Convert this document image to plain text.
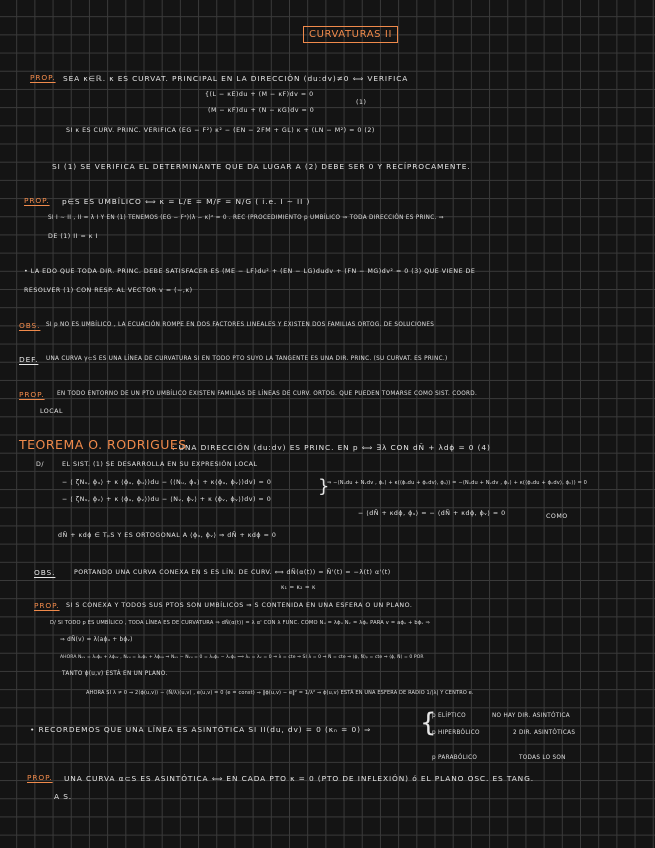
CURVATURAS II
PROP. SEA κ∈ℝ. κ ES CURVAT. PRINCIPAL EN LA DIRECCIÓN (du:dv)≠0 ⟺ VERIFICA
{(L − κE)du + (M − κF)dv = 0
(M − κF)du + (N − κG)dv = 0
(1)
SI κ ES CURV. PRINC. VERIFICA (EG − F²) κ² − (EN − 2FM + GL) κ + (LN − M²) = 0 (2)
SI (1) SE VERIFICA EL DETERMINANTE QUE DA LUGAR A (2) DEBE SER 0 Y RECÍPROCAMENTE.
PROP. p∈S ES UMBÍLICO ⟺ κ = L/E = M/F = N/G ( i.e. I ∼ II )
SI I ∼ II , II = λ I Y EN (1) TENEMOS (EG − F²)(λ − κ)² = 0 . REC (PROCEDIMIENTO p UMBÍLICO ⇒ TODA DIRECCIÓN ES PRINC. ⇒
DE (1) II = κ I
• LA EDO QUE TODA DIR. PRINC. DEBE SATISFACER ES (ME − LF)du² + (EN − LG)dudv + (FN − MG)dv² = 0 (3) QUE VIENE DE
RESOLVER (1) CON RESP. AL VECTOR v = (−,κ)
OBS. SI p NO ES UMBÍLICO , LA ECUACIÓN ROMPE EN DOS FACTORES LINEALES Y EXISTEN DOS FAMILIAS ORTOG. DE SOLUCIONES
DEF. UNA CURVA γ⊂S ES UNA LÍNEA DE CURVATURA SI EN TODO PTO SUYO LA TANGENTE ES UNA DIR. PRINC. (SU CURVAT. ES PRINC.)
PROP. EN TODO ENTORNO DE UN PTO UMBÍLICO EXISTEN FAMILIAS DE LÍNEAS DE CURV. ORTOG. QUE PUEDEN TOMARSE COMO SIST. COORD.
LOCAL
TEOREMA O. RODRIGUES
: UNA DIRECCIÓN (du:dv) ES PRINC. EN p ⟺ ∃λ CON dÑ + λdϕ = 0 (4)
D/	EL SIST. (1) SE DESARROLLA EN SU EXPRESIÓN LOCAL
− ⟨ ζNᵤ, ϕᵤ⟩ + κ ⟨ϕᵤ, ϕᵤ⟩)du − (⟨Nᵤ, ϕᵥ⟩ + κ⟨ϕᵤ, ϕᵥ⟩)dv) = 0
− ⟨ ζNᵤ, ϕᵥ⟩ + κ ⟨ϕᵤ, ϕᵥ⟩)du − ⟨Nᵥ, ϕᵥ⟩ + κ ⟨ϕᵥ, ϕᵥ⟩)dv) = 0
}
⇒ −⟨Nᵤdu + Nᵥdv , ϕᵤ⟩ + κ(⟨ϕᵤdu + ϕᵥdv⟩, ϕᵤ⟩) = −⟨Nᵤdu + Nᵥdv , ϕᵥ⟩ + κ(⟨ϕᵤdu + ϕᵥdv⟩, ϕᵥ⟩) = 0
− ⟨dÑ + κdϕ, ϕᵤ⟩ = − ⟨dÑ + κdϕ, ϕᵥ⟩ = 0	COMO
dÑ + κdϕ ∈ TₚS Y ES ORTOGONAL A ⟨ϕᵤ, ϕᵥ⟩ ⇒ dÑ + κdϕ = 0
OBS.	PORTANDO UNA CURVA CONEXA EN S ES LÍN. DE CURV. ⟺ dÑ(α(t)) = Ñ'(t) = −λ(t) α'(t)
κ₁ = κ₂ = κ
PROP. SI S CONEXA Y TODOS SUS PTOS SON UMBÍLICOS ⇒ S CONTENIDA EN UNA ESFERA O UN PLANO.
D/ SI TODO p ES UMBÍLICO , TODA LÍNEA ES DE CURVATURA ⇒ dÑ(α(t)) = λ α' CON λ FUNC. COMO Nᵤ = λϕᵤ Nᵥ = λϕᵥ PARA v = aϕᵤ + bϕᵥ ⇒
⇒ dÑ(v) = λ(aϕᵤ + bϕᵥ)
AHORA Nᵤᵥ = λᵥϕᵤ + λϕᵤᵥ , Nᵥᵤ = λᵤϕᵥ + λϕᵥᵤ ⇒ Nᵤᵥ − Nᵥᵤ = 0 = λᵤϕᵥ − λᵥϕᵤ ⟹ λᵤ = λᵥ = 0 ⇒ λ = cte ⇒ SI λ = 0 ⇒ Ñ = cte ⇒ ⟨ϕ, Ñ⟩ₚ = cte ⇒ ⟨ϕ, Ñ⟩ = 0 POR
TANTO ϕ(u,v) ESTÁ EN UN PLANO.
AHORA SI λ ≠ 0 ⇒ 2⟨ϕ(u,v)⟩ − (Ñ/λ)(u,v) , e(u,v) = 0 (e = const) ⇒ ‖ϕ(u,v) − e‖² = 1/λ² ⇒ ϕ(u,v) ESTÁ EN UNA ESFERA DE RADIO 1/|λ| Y CENTRO e.
• RECORDEMOS QUE UNA LÍNEA ES ASINTÓTICA SI II(du, dv) = 0 (κₙ = 0) ⇒ {
p ELÍPTICO	NO HAY DIR. ASINTÓTICA
p HIPERBÓLICO	2 DIR. ASINTÓTICAS
p PARABÓLICO	TODAS LO SON
PROP. UNA CURVA α⊂S ES ASINTÓTICA ⟺ EN CADA PTO κ = 0 (PTO DE INFLEXIÓN) ó EL PLANO OSC. ES TANG.
A S.
